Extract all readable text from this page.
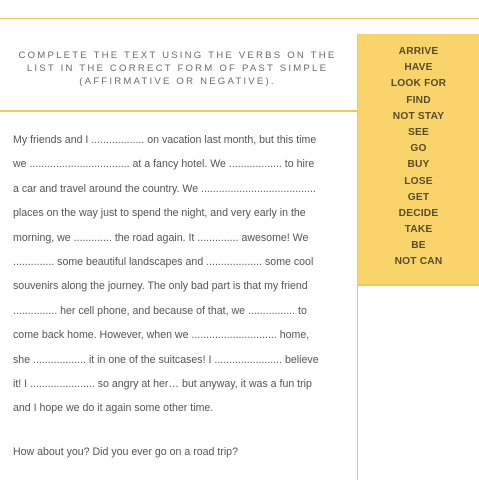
COMPLETE THE TEXT USING THE VERBS ON THE
LIST IN THE CORRECT FORM OF PAST SIMPLE
(AFFIRMATIVE OR NEGATIVE).
ARRIVE
HAVE
LOOK FOR
FIND
NOT STAY
SEE
GO
BUY
LOSE
GET
DECIDE
TAKE
BE
NOT CAN
My friends and I .................. on vacation last month, but this time
we .................................. at a fancy hotel. We .................. to hire
a car and travel around the country. We .......................................
places on the way just to spend the night, and very early in the
morning, we ............. the road again. It .............. awesome! We
.............. some beautiful landscapes and ................... some cool
souvenirs along the journey. The only bad part is that my friend
............... her cell phone, and because of that, we ................ to
come back home. However, when we ............................. home,
she .................. it in one of the suitcases! I ....................... believe
it! I ...................... so angry at her… but anyway, it was a fun trip
and I hope we do it again some other time.
How about you? Did you ever go on a road trip?
